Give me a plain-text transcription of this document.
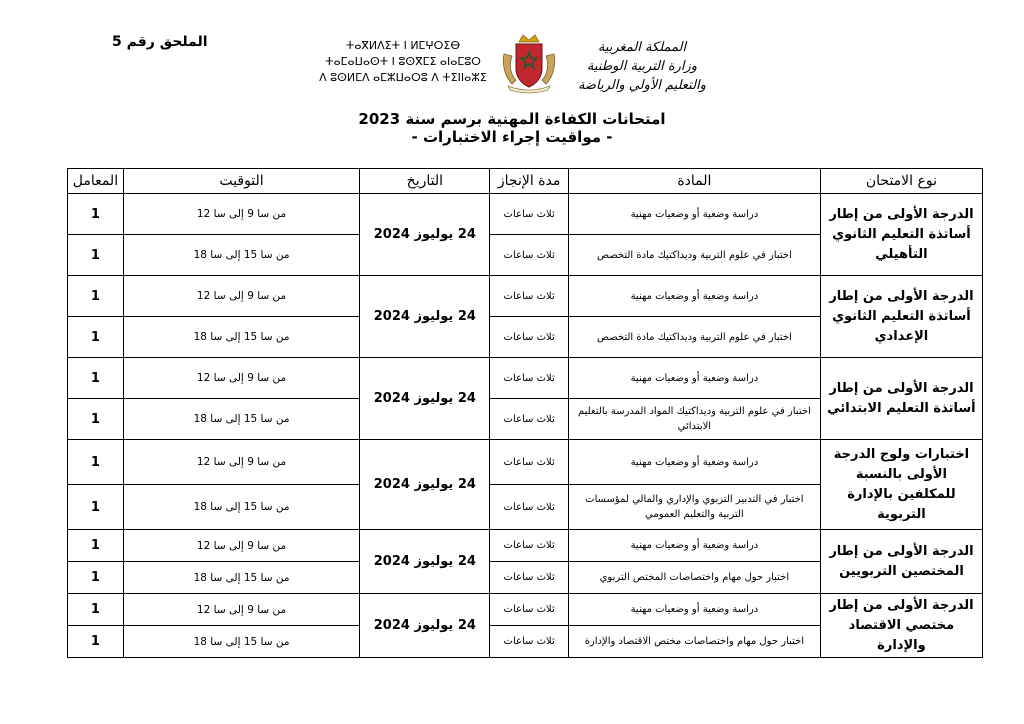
الملحق رقم 5	ⵜⴰⴳⵍⴷⵉⵜ ⵏ ⵍⵎⵖⵔⵉⴱ
ⵜⴰⵎⴰⵡⴰⵙⵜ ⵏ ⵓⵙⴳⵎⵉ ⴰⵏⴰⵎⵓⵔ
ⴷ ⵓⵙⵍⵎⴷ ⴰⵎⵣⵡⴰⵔⵓ ⴷ ⵜⵉⵏⵏⴰⵣⵉ
المملكة المغربية
وزارة التربية الوطنية
والتعليم الأولي والرياضة
امتحانات الكفاءة المهنية برسم سنة 2023
- مواقيت إجراء الاختبارات -
نوع الامتحان	المادة	مدة الإنجاز	التاريخ	التوقيت	المعامل
الدرجة الأولى من إطار أساتذة التعليم الثانوي التأهيلي	دراسة وضعية أو وضعيات مهنية	ثلاث ساعات	24 يوليوز 2024	من سا 9 إلى سا 12	1
	اختبار في علوم التربية وديداكتيك مادة التخصص	ثلاث ساعات		من سا 15 إلى سا 18	1
الدرجة الأولى من إطار أساتذة التعليم الثانوي الإعدادي	دراسة وضعية أو وضعيات مهنية	ثلاث ساعات	24 يوليوز 2024	من سا 9 إلى سا 12	1
	اختبار في علوم التربية وديداكتيك مادة التخصص	ثلاث ساعات		من سا 15 إلى سا 18	1
الدرجة الأولى من إطار أساتذة التعليم الابتدائي	دراسة وضعية أو وضعيات مهنية	ثلاث ساعات	24 يوليوز 2024	من سا 9 إلى سا 12	1
	اختبار في علوم التربية وديداكتيك المواد المدرسة بالتعليم الابتدائي	ثلاث ساعات		من سا 15 إلى سا 18	1
اختبارات ولوج الدرجة الأولى بالنسبة للمكلفين بالإدارة التربوية	دراسة وضعية أو وضعيات مهنية	ثلاث ساعات	24 يوليوز 2024	من سا 9 إلى سا 12	1
	اختبار في التدبير التربوي والإداري والمالي لمؤسسات التربية والتعليم العمومي	ثلاث ساعات		من سا 15 إلى سا 18	1
الدرجة الأولى من إطار المختصين التربويين	دراسة وضعية أو وضعيات مهنية	ثلاث ساعات	24 يوليوز 2024	من سا 9 إلى سا 12	1
	اختبار حول مهام واختصاصات المختص التربوي	ثلاث ساعات		من سا 15 إلى سا 18	1
الدرجة الأولى من إطار مختصي الاقتصاد والإدارة	دراسة وضعية أو وضعيات مهنية	ثلاث ساعات	24 يوليوز 2024	من سا 9 إلى سا 12	1
	اختبار حول مهام واختصاصات مختص الاقتصاد والإدارة	ثلاث ساعات		من سا 15 إلى سا 18	1
